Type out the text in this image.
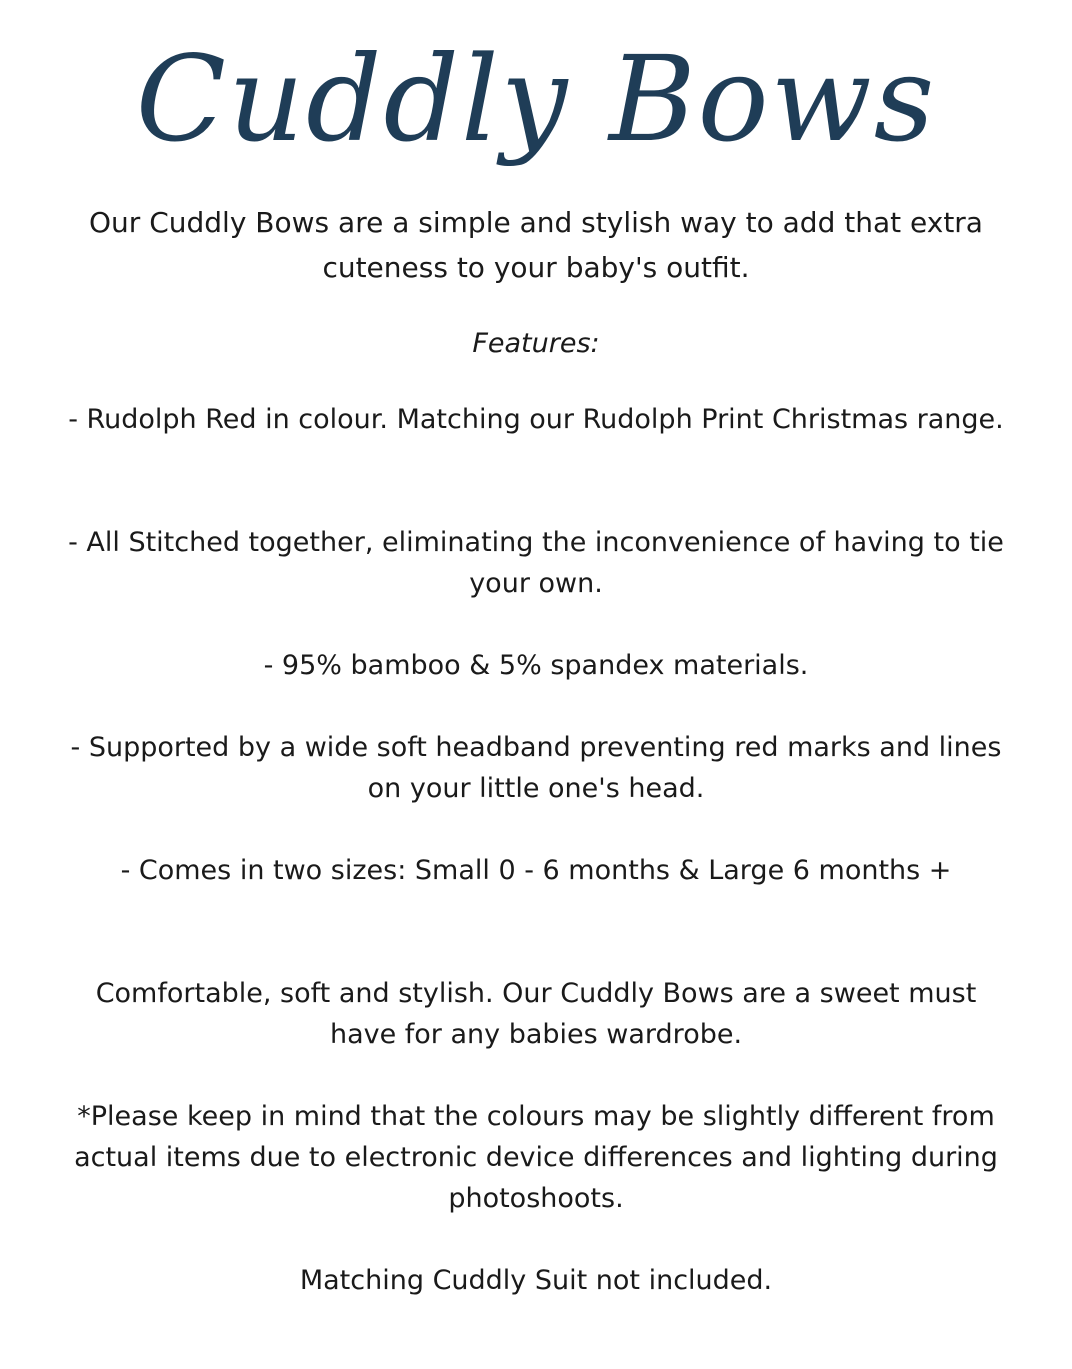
Cuddly Bows
Our Cuddly Bows are a simple and stylish way to add that extra cuteness to your baby's outfit.
Features:
- Rudolph Red in colour. Matching our Rudolph Print Christmas range.
- All Stitched together, eliminating the inconvenience of having to tie your own.
- 95% bamboo & 5% spandex materials.
- Supported by a wide soft headband preventing red marks and lines on your little one's head.
- Comes in two sizes: Small 0 - 6 months & Large 6 months +
Comfortable, soft and stylish. Our Cuddly Bows are a sweet must have for any babies wardrobe.
*Please keep in mind that the colours may be slightly different from actual items due to electronic device differences and lighting during photoshoots.
Matching Cuddly Suit not included.
